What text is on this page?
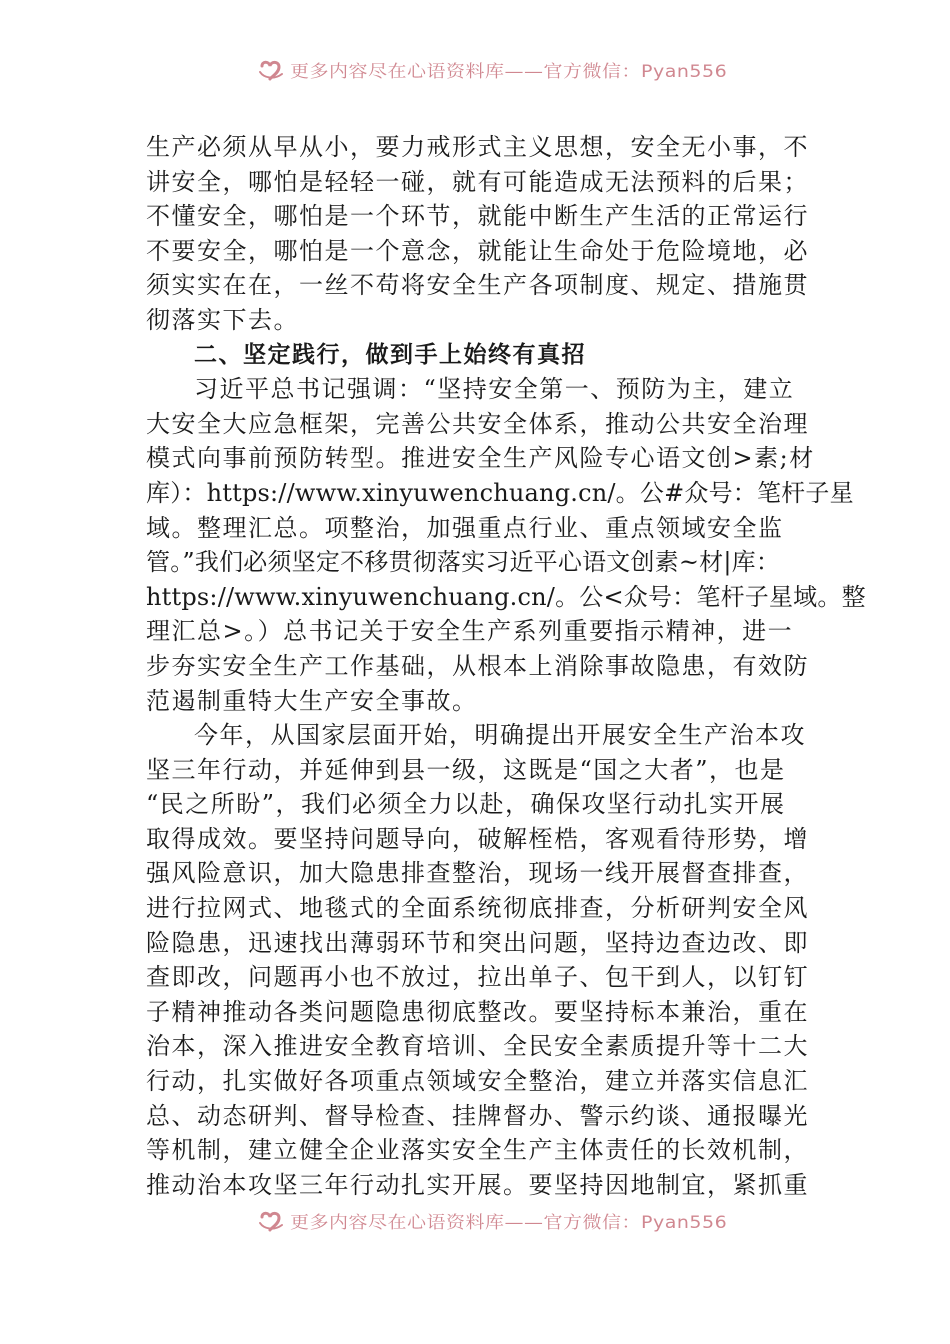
更多内容尽在心语资料库——官方微信：Pyan556
生产必须从早从小，要力戒形式主义思想，安全无小事，不
讲安全，哪怕是轻轻一碰，就有可能造成无法预料的后果；
不懂安全，哪怕是一个环节，就能中断生产生活的正常运行
不要安全，哪怕是一个意念，就能让生命处于危险境地，必
须实实在在，一丝不苟将安全生产各项制度、规定、措施贯
彻落实下去。
二、坚定践行，做到手上始终有真招
习近平总书记强调：“坚持安全第一、预防为主，建立
大安全大应急框架，完善公共安全体系，推动公共安全治理
模式向事前预防转型。推进安全生产风险专心语文创>素;材
库）：https://www.xinyuwenchuang.cn/。公#众号：笔杆子星
域。整理汇总。项整治，加强重点行业、重点领域安全监
管。”我们必须坚定不移贯彻落实习近平心语文创素~材|库：
https://www.xinyuwenchuang.cn/。公<众号：笔杆子星域。整
理汇总>。）总书记关于安全生产系列重要指示精神，进一
步夯实安全生产工作基础，从根本上消除事故隐患，有效防
范遏制重特大生产安全事故。
今年，从国家层面开始，明确提出开展安全生产治本攻
坚三年行动，并延伸到县一级，这既是“国之大者”，也是
“民之所盼”，我们必须全力以赴，确保攻坚行动扎实开展
取得成效。要坚持问题导向，破解桎梏，客观看待形势，增
强风险意识，加大隐患排查整治，现场一线开展督查排查，
进行拉网式、地毯式的全面系统彻底排查，分析研判安全风
险隐患，迅速找出薄弱环节和突出问题，坚持边查边改、即
查即改，问题再小也不放过，拉出单子、包干到人，以钉钉
子精神推动各类问题隐患彻底整改。要坚持标本兼治，重在
治本，深入推进安全教育培训、全民安全素质提升等十二大
行动，扎实做好各项重点领域安全整治，建立并落实信息汇
总、动态研判、督导检查、挂牌督办、警示约谈、通报曝光
等机制，建立健全企业落实安全生产主体责任的长效机制，
推动治本攻坚三年行动扎实开展。要坚持因地制宜，紧抓重
更多内容尽在心语资料库——官方微信：Pyan556
